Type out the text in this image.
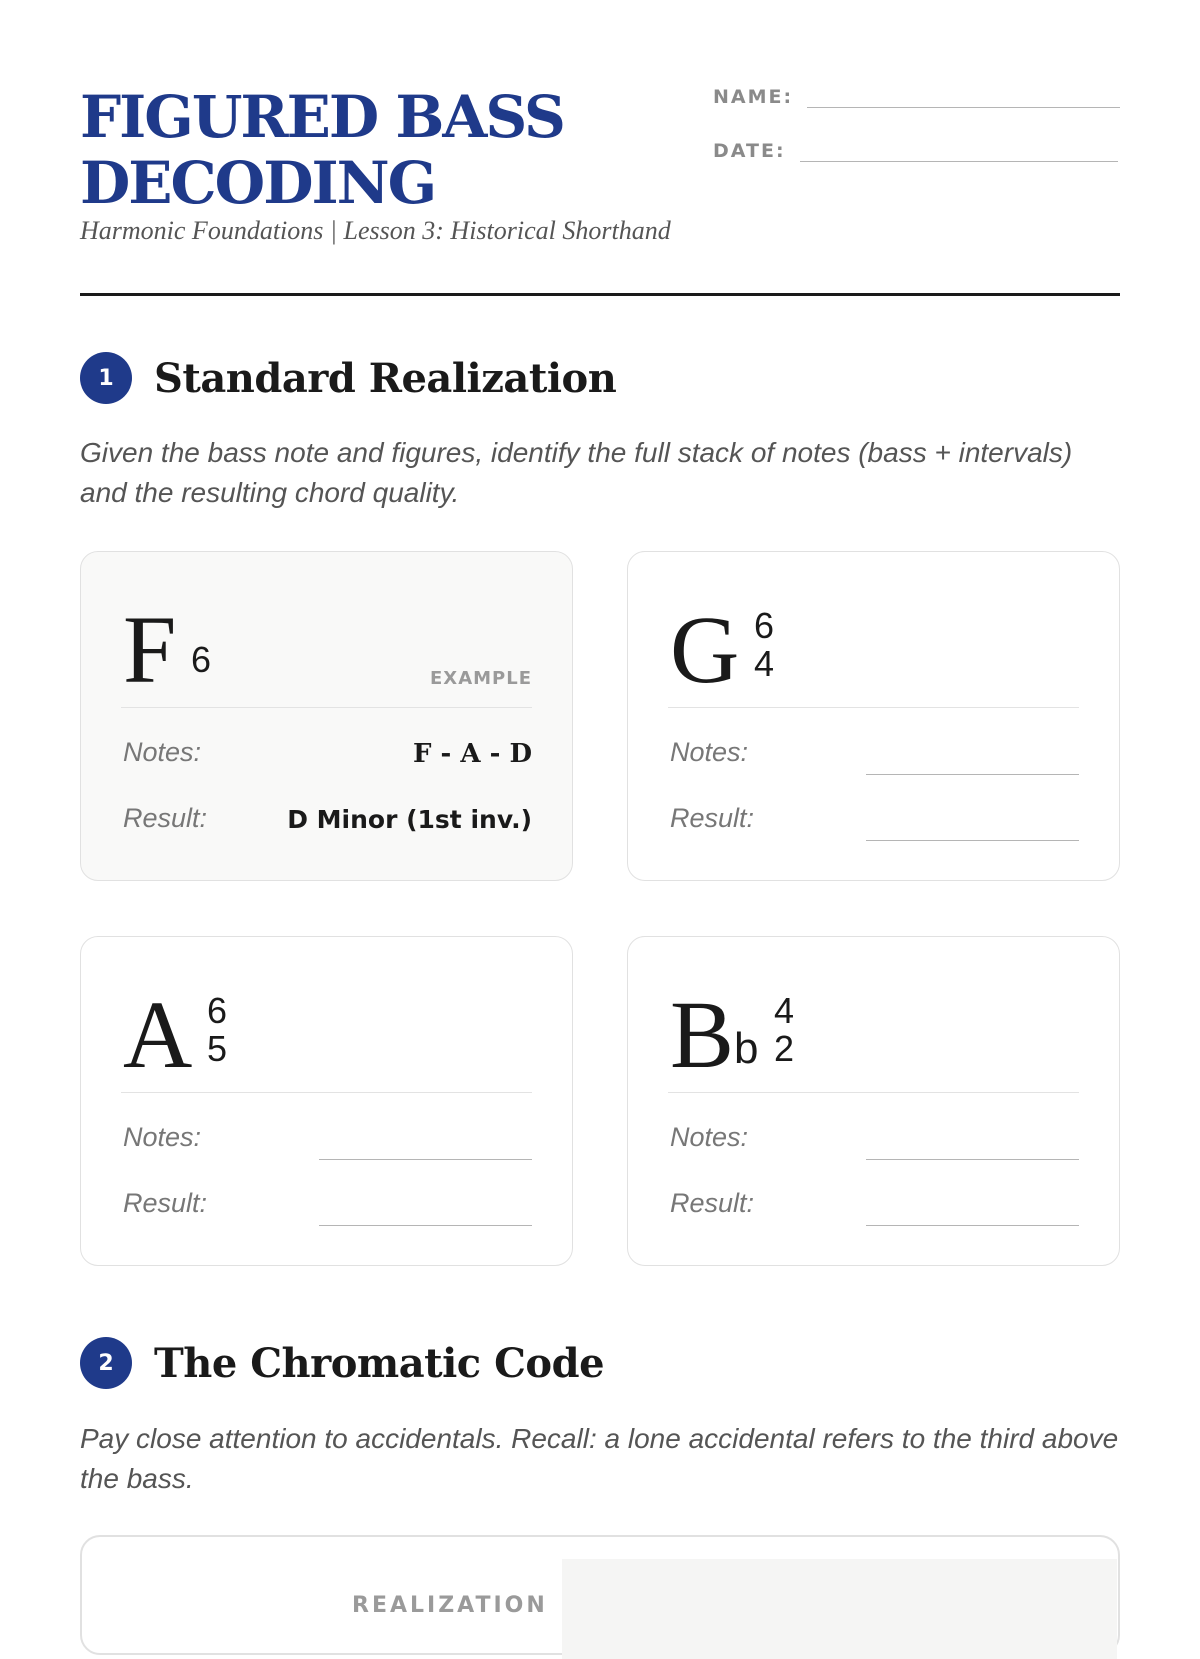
FIGURED BASS
DECODING
Harmonic Foundations | Lesson 3: Historical Shorthand
NAME:
DATE:
1	Standard Realization

Given the bass note and figures, identify the full stack of notes (bass + intervals) and the resulting chord quality.

F 6	EXAMPLE
Notes:	F - A - D
Result:	D Minor (1st inv.)
G 6
4
Notes:
Result:
A 6
5
Notes:
Result:
B b
4
2
Notes:
Result:
2	The Chromatic Code

Pay close attention to accidentals. Recall: a lone accidental refers to the third above the bass.

REALIZATION
